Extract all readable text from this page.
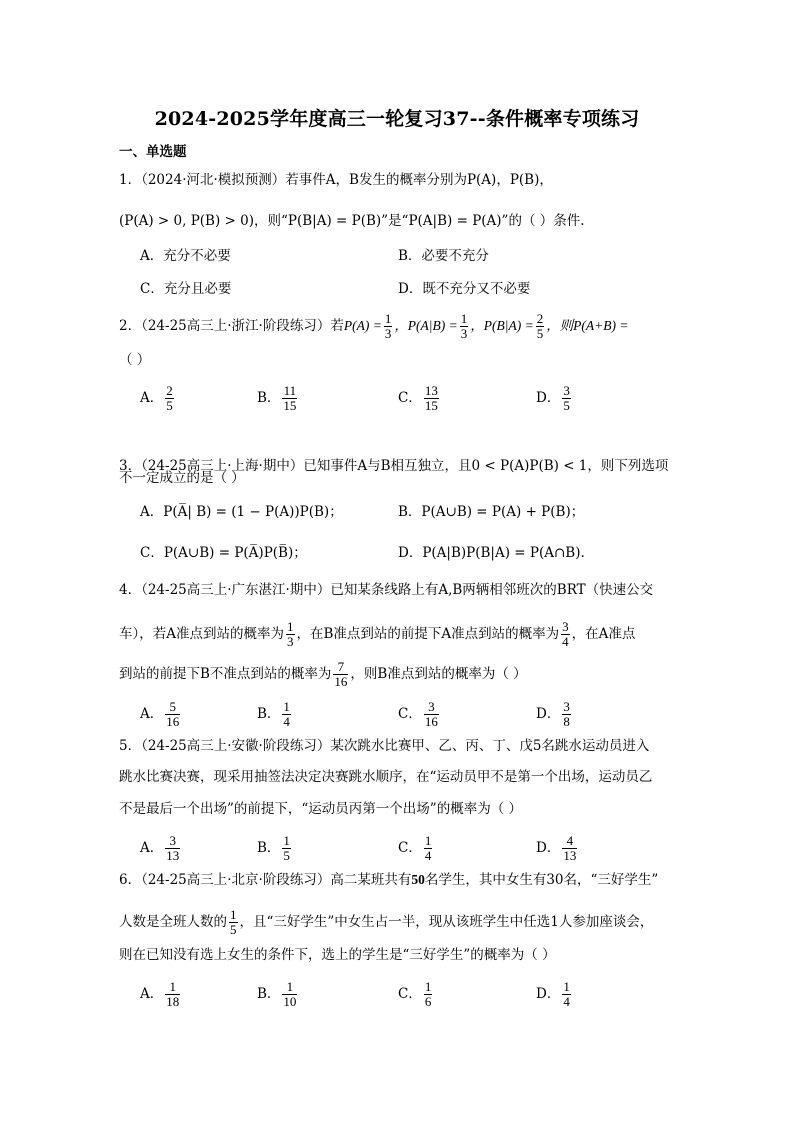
2024-2025学年度高三一轮复习37--条件概率专项练习
一、单选题
1．（2024·河北·模拟预测）若事件A，B发生的概率分别为P(A)，P(B)，
(P(A) > 0, P(B) > 0)，则“P(B|A) = P(B)”是“P(A|B) = P(A)”的（ ）条件.
A．充分不必要	B．必要不充分
C．充分且必要	D．既不充分又不必要
2．（24-25高三上·浙江·阶段练习）若$P(A) = \frac{1}{3}$ ，$P(A|B) = \frac{1}{3}$ ，$P(B|A) = \frac{2}{5}$ ，则P(A+B) =
（ ）
A． $\frac{2}{5}$	B． $\frac{11}{15}$	C． $\frac{13}{15}$	D． $\frac{3}{5}$
3．（24-25高三上·上海·期中）已知事件A与B相互独立，且0 < P(A)P(B) < 1，则下列选项
不一定成立的是（ ）
A．P(A̅| B) = (1 − P(A))P(B)；	B．P(A∪B) = P(A) + P(B)；
C．P(A∪B) = P(A̅)P(B̅)；	D．P(A|B)P(B|A) = P(A∩B).
4．（24-25高三上·广东湛江·期中）已知某条线路上有A,B两辆相邻班次的BRT（快速公交
车），若A准点到站的概率为 $\frac{1}{3}$ ，在B准点到站的前提下A准点到站的概率为 $\frac{3}{4}$ ，在A准点
到站的前提下B不准点到站的概率为 $\frac{7}{16}$ ，则B准点到站的概率为（ ）
A． $\frac{5}{16}$	B． $\frac{1}{4}$	C． $\frac{3}{16}$	D． $\frac{3}{8}$
5．（24-25高三上·安徽·阶段练习）某次跳水比赛甲、乙、丙、丁、戊5名跳水运动员进入
跳水比赛决赛，现采用抽签法决定决赛跳水顺序，在“运动员甲不是第一个出场，运动员乙
不是最后一个出场”的前提下，“运动员丙第一个出场”的概率为（ ）
A． $\frac{3}{13}$	B． $\frac{1}{5}$	C． $\frac{1}{4}$	D． $\frac{4}{13}$
6．（24-25高三上·北京·阶段练习）高二某班共有50名学生，其中女生有30名，“三好学生”
人数是全班人数的 $\frac{1}{5}$ ，且“三好学生”中女生占一半，现从该班学生中任选1人参加座谈会，
则在已知没有选上女生的条件下，选上的学生是“三好学生”的概率为（ ）
A． $\frac{1}{18}$	B． $\frac{1}{10}$	C． $\frac{1}{6}$	D． $\frac{1}{4}$
